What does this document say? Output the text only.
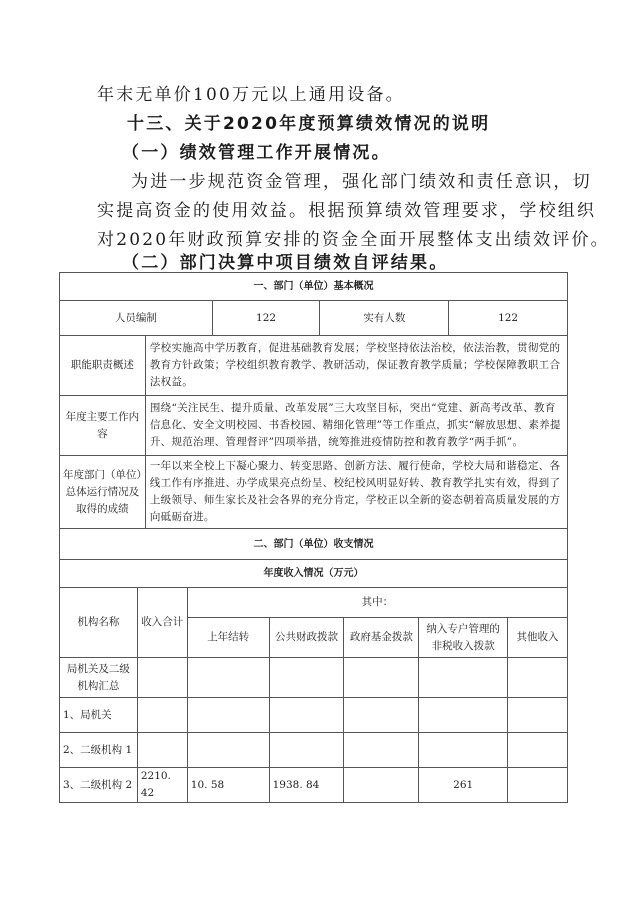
年末无单价100万元以上通用设备。
十三、关于2020年度预算绩效情况的说明
（一）绩效管理工作开展情况。
为进一步规范资金管理，强化部门绩效和责任意识，切
实提高资金的使用效益。根据预算绩效管理要求，学校组织
对2020年财政预算安排的资金全面开展整体支出绩效评价。
（二）部门决算中项目绩效自评结果。
一、部门（单位）基本概况				
人员编制		122	实有人数	122
职能职责概述	学校实施高中学历教育，促进基础教育发展；学校坚持依法治校，依法治教，贯彻党的教育方针政策；学校组织教育教学、教研活动，保证教育教学质量；学校保障教职工合法权益。			
年度主要工作内容	围绕“关注民生、提升质量、改革发展”三大攻坚目标，突出“党建、新高考改革、教育信息化、安全文明校园、书香校园、精细化管理”等工作重点，抓实“解放思想、素养提升、规范治理、管理督评”四项举措，统筹推进疫情防控和教育教学“两手抓”。			
年度部门（单位）总体运行情况及取得的成绩	一年以来全校上下凝心聚力、转变思路、创新方法、履行使命，学校大局和谐稳定、各线工作有序推进、办学成果亮点纷呈、校纪校风明显好转、教育教学扎实有效，得到了上级领导、师生家长及社会各界的充分肯定，学校正以全新的姿态朝着高质量发展的方向砥砺奋进。			
二、部门（单位）收支情况						
年度收入情况（万元）						
机构名称	收入合计	其中：				
		上年结转	公共财政拨款	政府基金拨款	纳入专户管理的非税收入拨款	其他收入
局机关及二级机构汇总						
1、局机关						
2、二级机构 1						
3、二级机构 2	2210. 42	10. 58	1938. 84		261	
